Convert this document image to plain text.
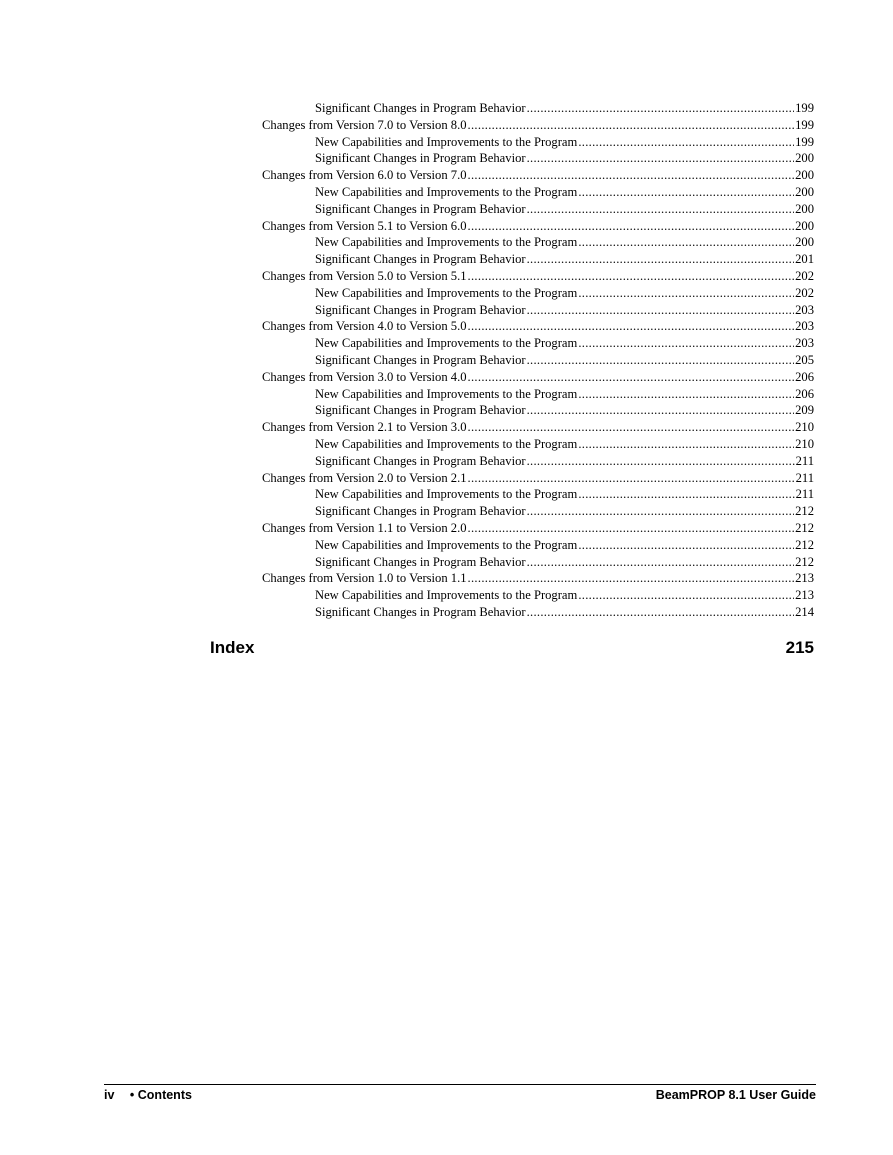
Significant Changes in Program Behavior .....	199
Changes from Version 7.0 to Version 8.0 .....	199
New Capabilities and Improvements to the Program .....	199
Significant Changes in Program Behavior .....	200
Changes from Version 6.0 to Version 7.0 .....	200
New Capabilities and Improvements to the Program .....	200
Significant Changes in Program Behavior .....	200
Changes from Version 5.1 to Version 6.0 .....	200
New Capabilities and Improvements to the Program .....	200
Significant Changes in Program Behavior .....	201
Changes from Version 5.0 to Version 5.1 .....	202
New Capabilities and Improvements to the Program .....	202
Significant Changes in Program Behavior .....	203
Changes from Version 4.0 to Version 5.0 .....	203
New Capabilities and Improvements to the Program .....	203
Significant Changes in Program Behavior .....	205
Changes from Version 3.0 to Version 4.0 .....	206
New Capabilities and Improvements to the Program .....	206
Significant Changes in Program Behavior .....	209
Changes from Version 2.1 to Version 3.0 .....	210
New Capabilities and Improvements to the Program .....	210
Significant Changes in Program Behavior .....	211
Changes from Version 2.0 to Version 2.1 .....	211
New Capabilities and Improvements to the Program .....	211
Significant Changes in Program Behavior .....	212
Changes from Version 1.1 to Version 2.0 .....	212
New Capabilities and Improvements to the Program .....	212
Significant Changes in Program Behavior .....	212
Changes from Version 1.0 to Version 1.1 .....	213
New Capabilities and Improvements to the Program .....	213
Significant Changes in Program Behavior .....	214
Index	215
iv • Contents	BeamPROP 8.1 User Guide
